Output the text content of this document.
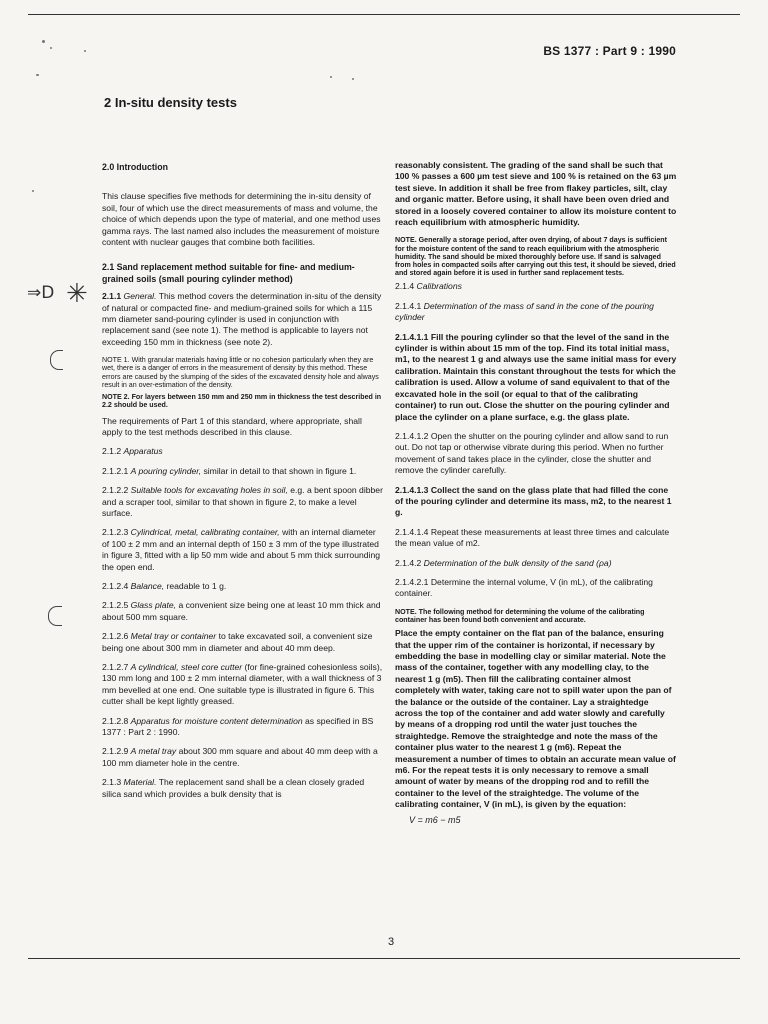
BS 1377 : Part 9 : 1990
2 In-situ density tests
⇒D ✳
2.0 Introduction

This clause specifies five methods for determining the in-situ density of soil, four of which use the direct measurements of mass and volume, the choice of which depends upon the type of material, and one method uses gamma rays. The last named also includes the measurement of moisture content with nuclear gauges that combine both facilities.

2.1 Sand replacement method suitable for fine- and medium-grained soils (small pouring cylinder method)

2.1.1 General. This method covers the determination in-situ of the density of natural or compacted fine- and medium-grained soils for which a 115 mm diameter sand-pouring cylinder is used in conjunction with replacement sand (see note 1). The method is applicable to layers not exceeding 150 mm in thickness (see note 2).

NOTE 1. With granular materials having little or no cohesion particularly when they are wet, there is a danger of errors in the measurement of density by this method. These errors are caused by the slumping of the sides of the excavated density hole and always result in an over-estimation of the density.

NOTE 2. For layers between 150 mm and 250 mm in thickness the test described in 2.2 should be used.

The requirements of Part 1 of this standard, where appropriate, shall apply to the test methods described in this clause.

2.1.2 Apparatus

2.1.2.1 A pouring cylinder, similar in detail to that shown in figure 1.

2.1.2.2 Suitable tools for excavating holes in soil, e.g. a bent spoon dibber and a scraper tool, similar to that shown in figure 2, to make a level surface.

2.1.2.3 Cylindrical, metal, calibrating container, with an internal diameter of 100 ± 2 mm and an internal depth of 150 ± 3 mm of the type illustrated in figure 3, fitted with a lip 50 mm wide and about 5 mm thick surrounding the open end.

2.1.2.4 Balance, readable to 1 g.

2.1.2.5 Glass plate, a convenient size being one at least 10 mm thick and about 500 mm square.

2.1.2.6 Metal tray or container to take excavated soil, a convenient size being one about 300 mm in diameter and about 40 mm deep.

2.1.2.7 A cylindrical, steel core cutter (for fine-grained cohesionless soils), 130 mm long and 100 ± 2 mm internal diameter, with a wall thickness of 3 mm bevelled at one end. One suitable type is illustrated in figure 6. This cutter shall be kept lightly greased.

2.1.2.8 Apparatus for moisture content determination as specified in BS 1377 : Part 2 : 1990.

2.1.2.9 A metal tray about 300 mm square and about 40 mm deep with a 100 mm diameter hole in the centre.

2.1.3 Material. The replacement sand shall be a clean closely graded silica sand which provides a bulk density that is

reasonably consistent. The grading of the sand shall be such that 100 % passes a 600 µm test sieve and 100 % is retained on the 63 µm test sieve. In addition it shall be free from flakey particles, silt, clay and organic matter. Before using, it shall have been oven dried and stored in a loosely covered container to allow its moisture content to reach equilibrium with atmospheric humidity.

NOTE. Generally a storage period, after oven drying, of about 7 days is sufficient for the moisture content of the sand to reach equilibrium with the atmospheric humidity. The sand should be mixed thoroughly before use. If sand is salvaged from holes in compacted soils after carrying out this test, it should be sieved, dried and stored again before it is used in further sand replacement tests.

2.1.4 Calibrations

2.1.4.1 Determination of the mass of sand in the cone of the pouring cylinder

2.1.4.1.1 Fill the pouring cylinder so that the level of the sand in the cylinder is within about 15 mm of the top. Find its total initial mass, m1, to the nearest 1 g and always use the same initial mass for every calibration. Maintain this constant throughout the tests for which the calibration is used. Allow a volume of sand equivalent to that of the excavated hole in the soil (or equal to that of the calibrating container) to run out. Close the shutter on the pouring cylinder and place the cylinder on a plane surface, e.g. the glass plate.

2.1.4.1.2 Open the shutter on the pouring cylinder and allow sand to run out. Do not tap or otherwise vibrate during this period. When no further movement of sand takes place in the cylinder, close the shutter and remove the cylinder carefully.

2.1.4.1.3 Collect the sand on the glass plate that had filled the cone of the pouring cylinder and determine its mass, m2, to the nearest 1 g.

2.1.4.1.4 Repeat these measurements at least three times and calculate the mean value of m2.

2.1.4.2 Determination of the bulk density of the sand (ρa)

2.1.4.2.1 Determine the internal volume, V (in mL), of the calibrating container.

NOTE. The following method for determining the volume of the calibrating container has been found both convenient and accurate.

Place the empty container on the flat pan of the balance, ensuring that the upper rim of the container is horizontal, if necessary by embedding the base in modelling clay or similar material. Note the mass of the container, together with any modelling clay, to the nearest 1 g (m5). Then fill the calibrating container almost completely with water, taking care not to spill water upon the pan of the balance or the outside of the container. Lay a straightedge across the top of the container and add water slowly and carefully by means of a dropping rod until the water just touches the straightedge. Remove the straightedge and note the mass of the container plus water to the nearest 1 g (m6). Repeat the measurement a number of times to obtain an accurate mean value of m6. For the repeat tests it is only necessary to remove a small amount of water by means of the dropping rod and to refill the container to the level of the straightedge. The volume of the calibrating container, V (in mL), is given by the equation:

V = m6 − m5
3
